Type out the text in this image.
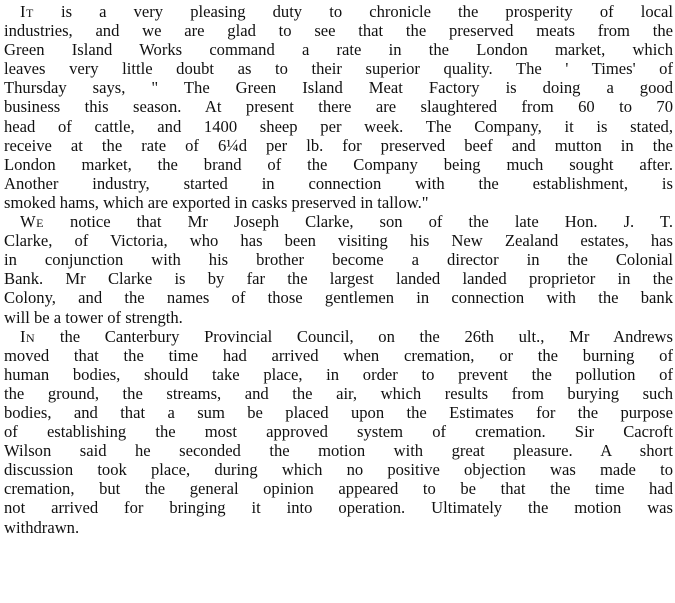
It is a very pleasing duty to chronicle the prosperity of local
industries, and we are glad to see that the preserved meats from the
Green Island Works command a rate in the London market, which
leaves very little doubt as to their superior quality. The ' Times' of
Thursday says, " The Green Island Meat Factory is doing a good
business this season. At present there are slaughtered from 60 to 70
head of cattle, and 1400 sheep per week. The Company, it is stated,
receive at the rate of 6¼d per lb. for preserved beef and mutton in the
London market, the brand of the Company being much sought after.
Another industry, started in connection with the establishment, is
smoked hams, which are exported in casks preserved in tallow."

We notice that Mr Joseph Clarke, son of the late Hon. J. T.
Clarke, of Victoria, who has been visiting his New Zealand estates, has
in conjunction with his brother become a director in the Colonial
Bank. Mr Clarke is by far the largest landed landed proprietor in the
Colony, and the names of those gentlemen in connection with the bank
will be a tower of strength.

In the Canterbury Provincial Council, on the 26th ult., Mr Andrews
moved that the time had arrived when cremation, or the burning of
human bodies, should take place, in order to prevent the pollution of
the ground, the streams, and the air, which results from burying such
bodies, and that a sum be placed upon the Estimates for the purpose
of establishing the most approved system of cremation. Sir Cacroft
Wilson said he seconded the motion with great pleasure. A short
discussion took place, during which no positive objection was made to
cremation, but the general opinion appeared to be that the time had
not arrived for bringing it into operation. Ultimately the motion was
withdrawn.
